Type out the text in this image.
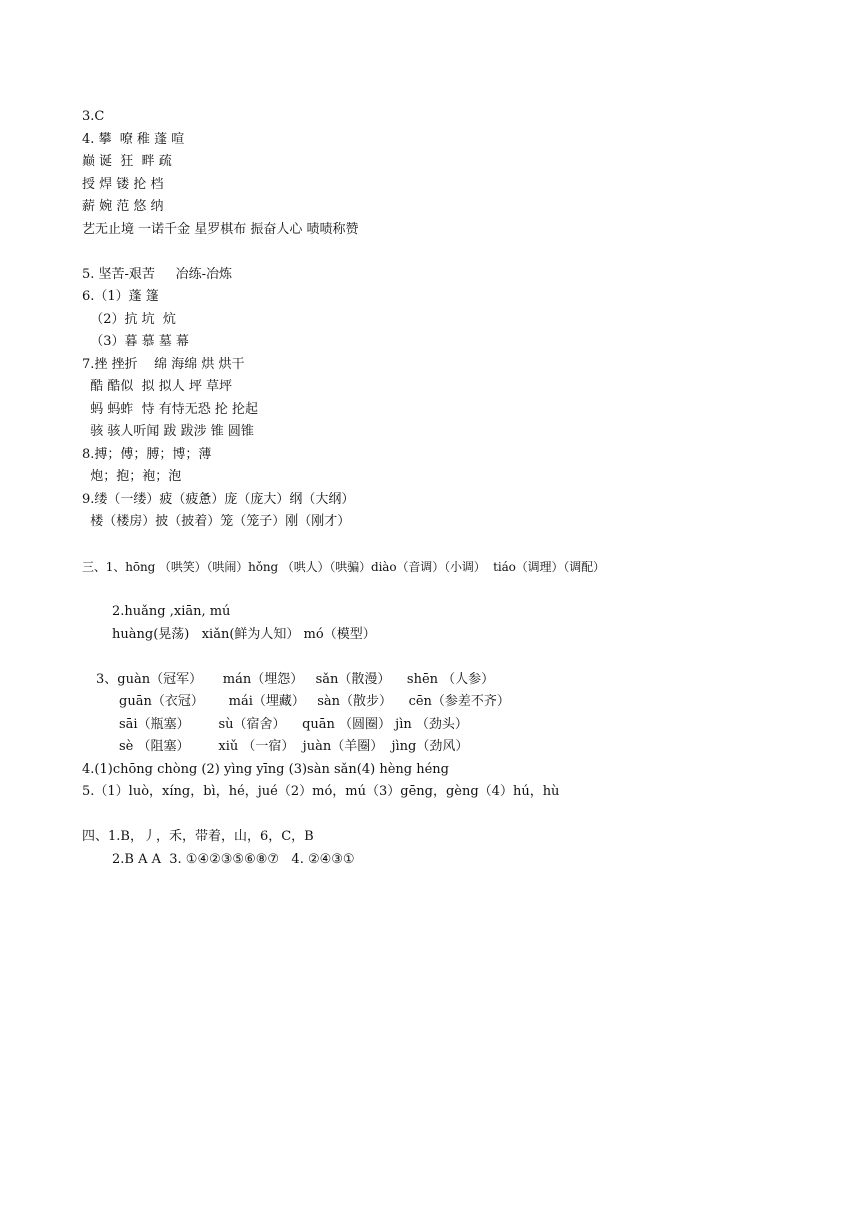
3.C
4. 攀  嘹 稚 蓬 喧
巅 诞  狂  畔 疏
授 焊 镂 抡 档
薪 婉 范 悠 纳
艺无止境 一诺千金 星罗棋布 振奋人心 啧啧称赞
5. 坚苦-艰苦     冶练-冶炼
6.（1）蓬 篷
（2）抗 坑  炕
（3）暮 慕 墓 幕
7.挫 挫折    绵 海绵 烘 烘干
酷 酷似  拟 拟人 坪 草坪
蚂 蚂蚱  恃 有恃无恐 抡 抡起
骇 骇人听闻 跋 跋涉 锥 圆锥
8.搏；傅；膊；博；薄
炮；抱；袍；泡
9.缕（一缕）疲（疲惫）庞（庞大）纲（大纲）
楼（楼房）披（披着）笼（笼子）刚（刚才）
三、1、hōng （哄笑）（哄闹）hǒng （哄人）（哄骗）diào（音调）（小调）  tiáo（调理）（调配）
2.huǎng ,xiān, mú
huàng(晃荡)   xiǎn(鲜为人知） mó（模型）
3、guàn（冠军）     mán（埋怨）   sǎn（散漫）    shēn （人参）
guān（衣冠）      mái（埋藏）   sàn（散步）    cēn（参差不齐）
sāi（瓶塞）       sù（宿舍）    quān （圆圈） jìn （劲头）
sè （阻塞）       xiǔ （一宿）  juàn（羊圈）  jìng（劲风）
4.(1)chōng chòng (2) yìng yīng (3)sàn sǎn(4) hèng héng
5.（1）luò，xíng，bì，hé，jué（2）mó，mú（3）gēng，gèng（4）hú，hù
四、1.B，丿，禾，带着，山，6，C，B
2.B A A  3. ①④②③⑤⑥⑧⑦   4. ②④③①
